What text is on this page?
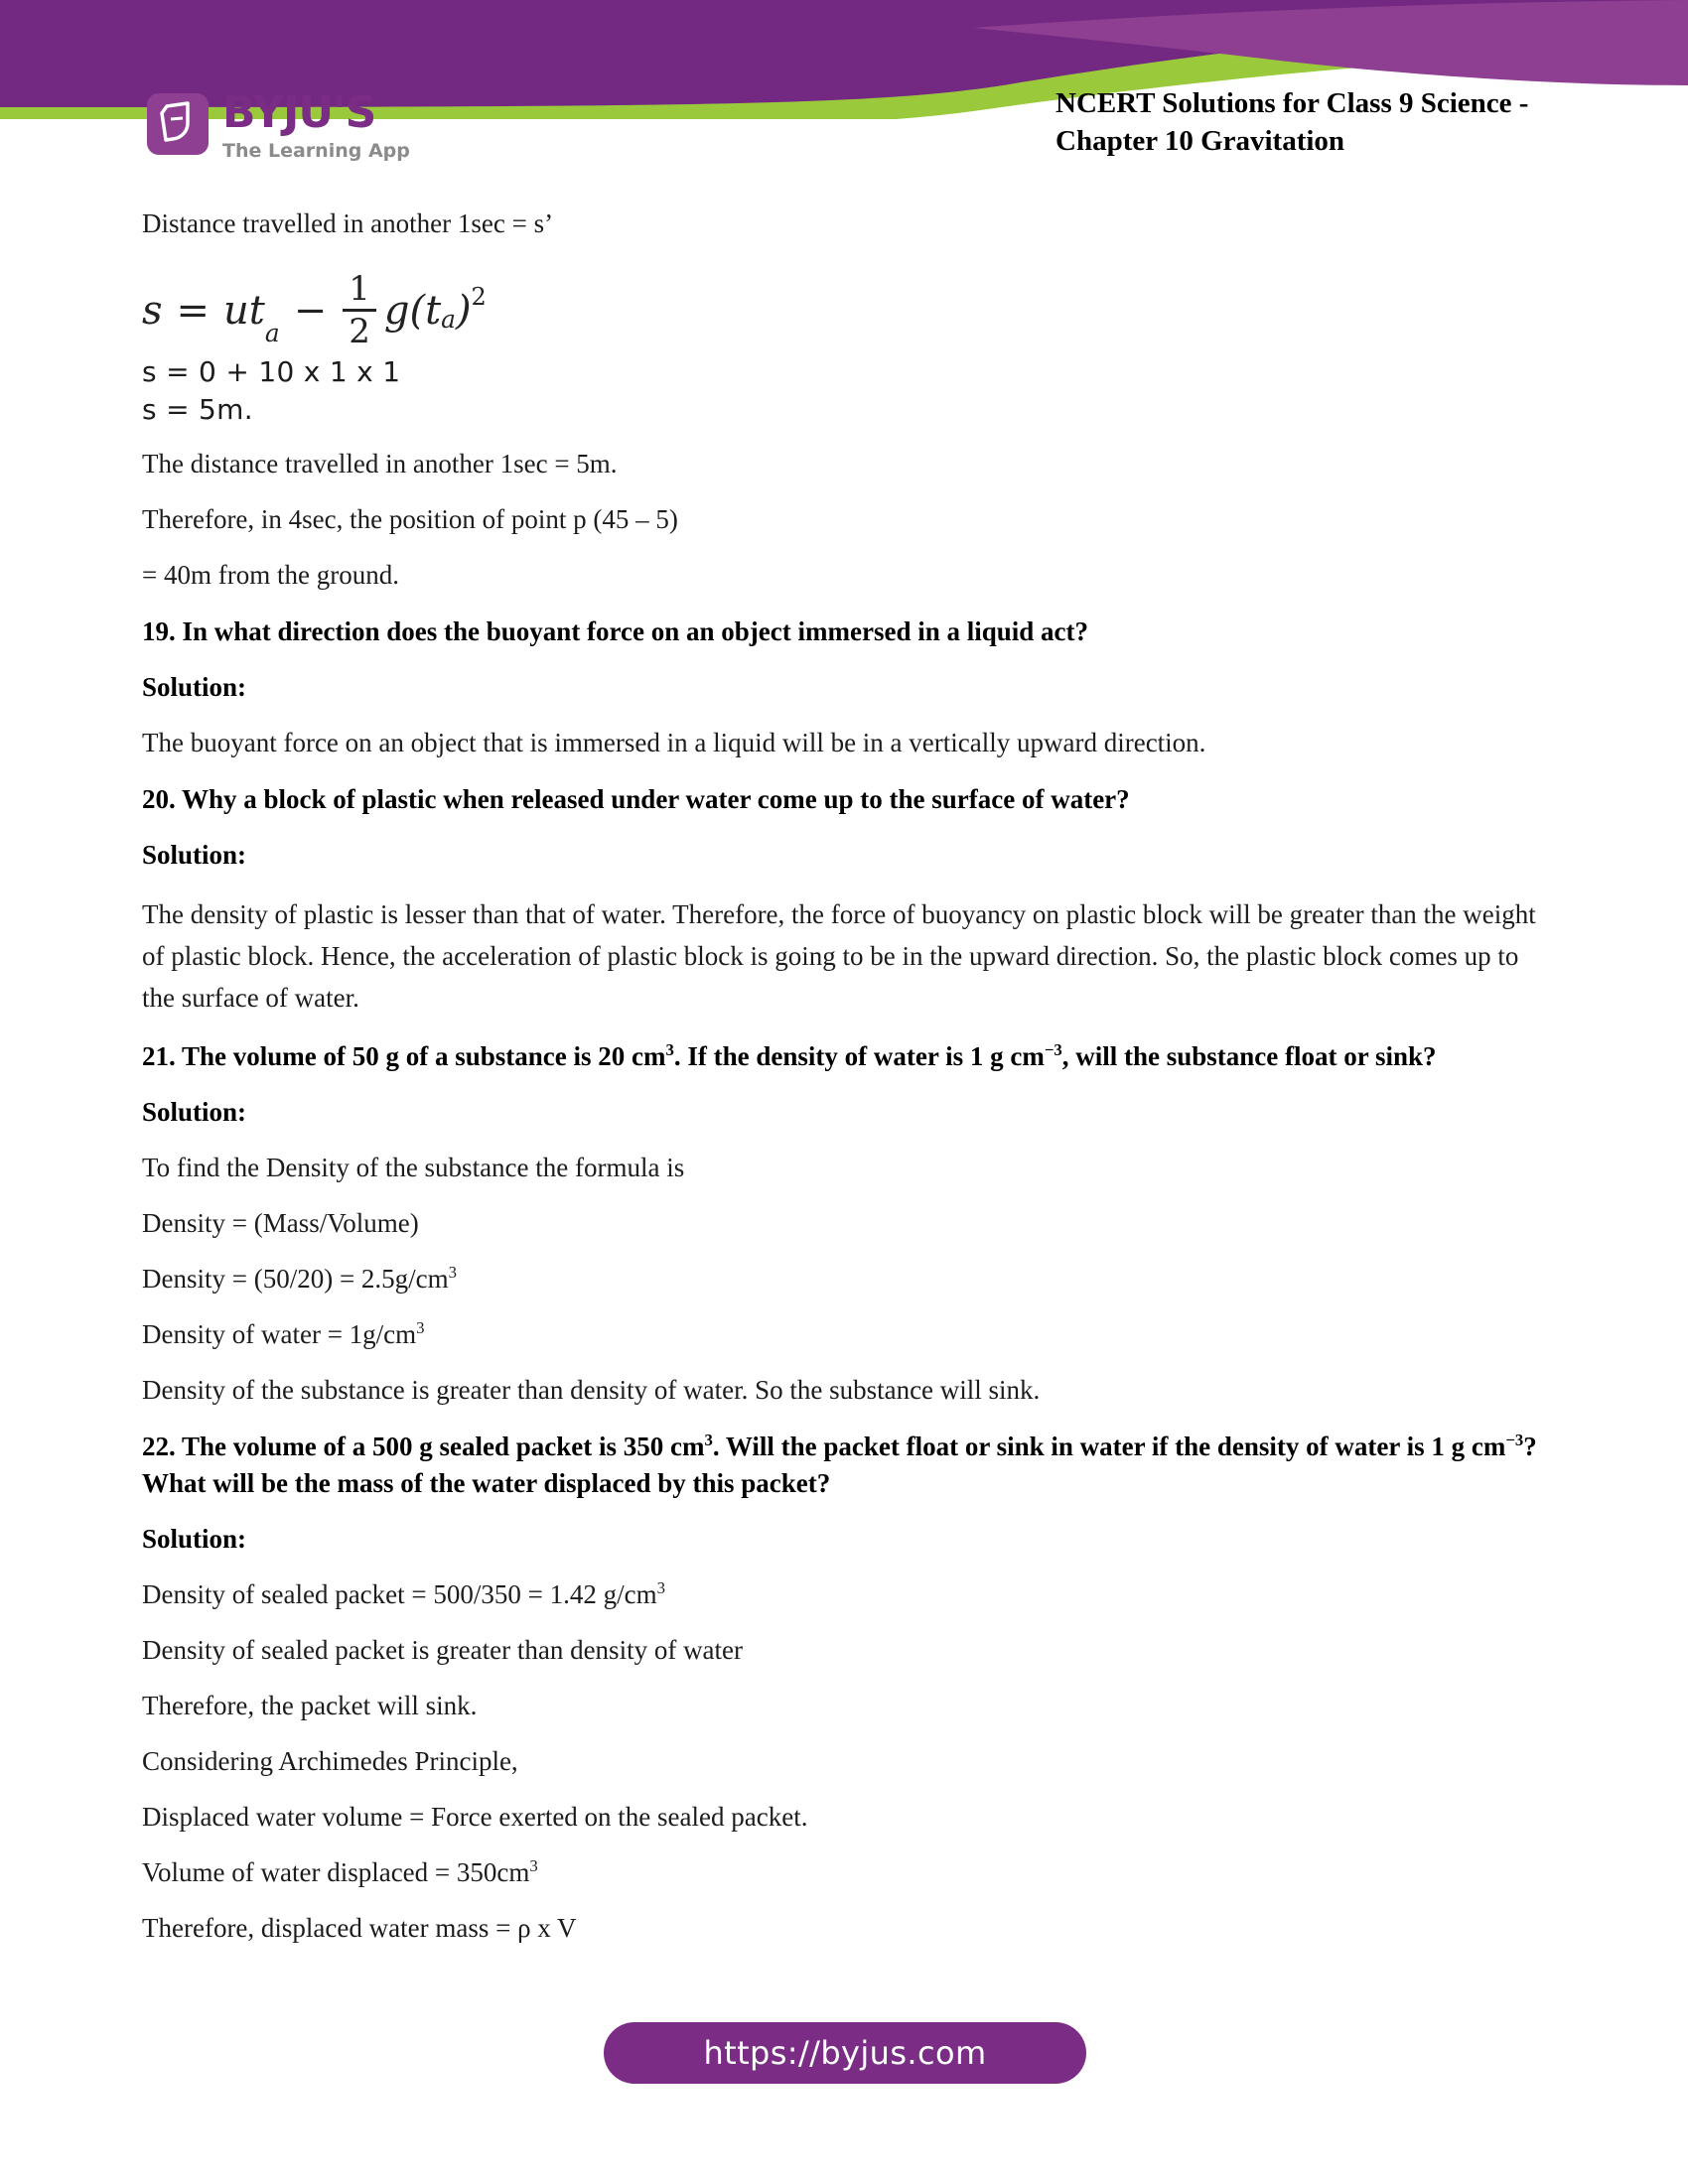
BYJU'S
The Learning App
NCERT Solutions for Class 9 Science -
Chapter 10 Gravitation

Distance travelled in another 1sec = s’

$s = ut_a - \frac{1}{2}$ g ( t a ) 2

s = 0 + 10 x 1 x 1

s = 5m.

The distance travelled in another 1sec = 5m.

Therefore, in 4sec, the position of point p (45 – 5)

= 40m from the ground.

19. In what direction does the buoyant force on an object immersed in a liquid act?

Solution:

The buoyant force on an object that is immersed in a liquid will be in a vertically upward direction.

20. Why a block of plastic when released under water come up to the surface of water?

Solution:

The density of plastic is lesser than that of water. Therefore, the force of buoyancy on plastic block will be greater than the weight of plastic block. Hence, the acceleration of plastic block is going to be in the upward direction. So, the plastic block comes up to the surface of water.

21. The volume of 50 g of a substance is 20 $cm^3$. If the density of water is 1 g $cm^{-3}$, will the substance float or sink?

Solution:

To find the Density of the substance the formula is

Density = (Mass/Volume)

Density = $(50/20) = 2.5g/cm^3$

Density of water = $1g/cm^3$

Density of the substance is greater than density of water. So the substance will sink.

22. The volume of a 500 g sealed packet is 350 $cm^3$. Will the packet float or sink in water if the density of water is 1 g $cm^{-3}$? What will be the mass of the water displaced by this packet?

Solution:

Density of sealed packet = 500/350 = 1.42 $g/cm^3$

Density of sealed packet is greater than density of water

Therefore, the packet will sink.

Considering Archimedes Principle,

Displaced water volume = Force exerted on the sealed packet.

Volume of water displaced = $350cm^3$

Therefore, displaced water mass = ρ x V

https://byjus.com
